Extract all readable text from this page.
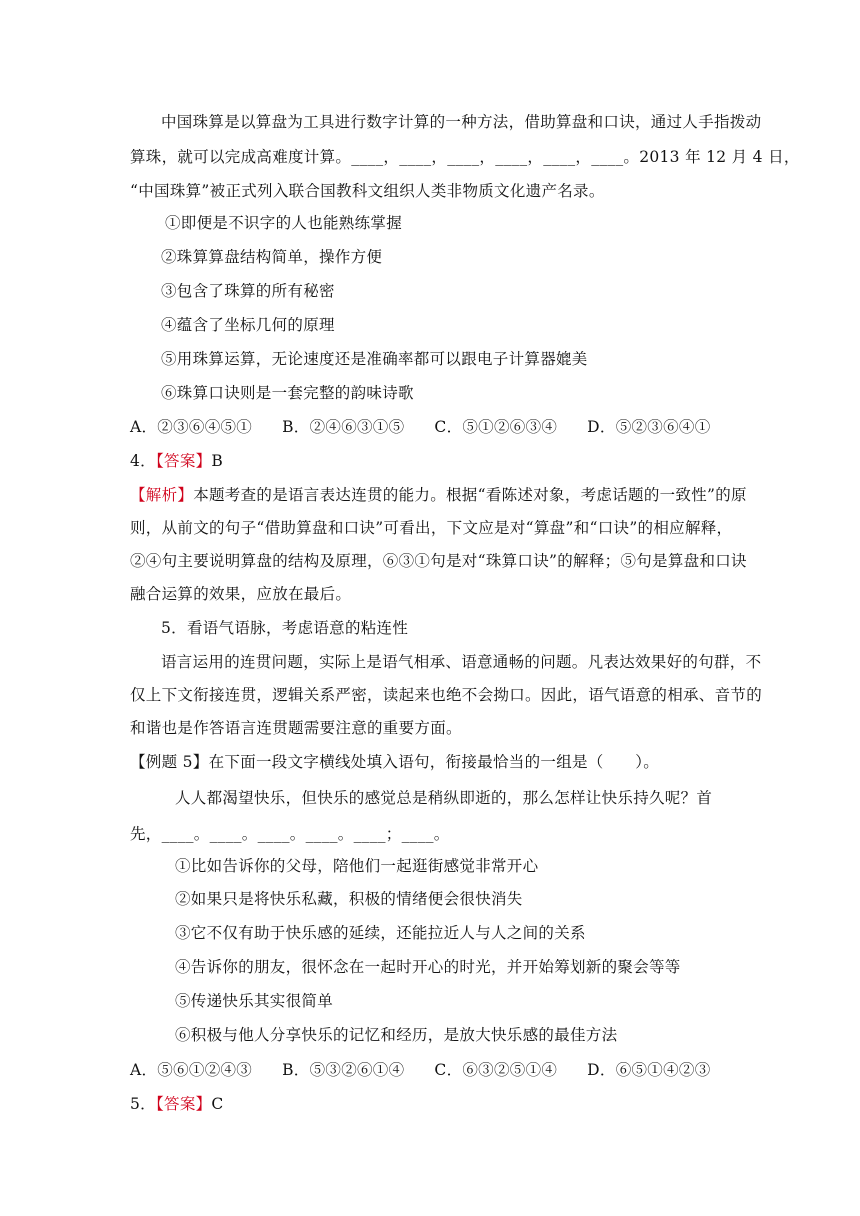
中国珠算是以算盘为工具进行数字计算的一种方法，借助算盘和口诀，通过人手指拨动
算珠，就可以完成高难度计算。____，____，____，____，____，____。2013 年 12 月 4 日，
“中国珠算”被正式列入联合国教科文组织人类非物质文化遗产名录。
①即便是不识字的人也能熟练掌握
②珠算算盘结构简单，操作方便
③包含了珠算的所有秘密
④蕴含了坐标几何的原理
⑤用珠算运算，无论速度还是准确率都可以跟电子计算器媲美
⑥珠算口诀则是一套完整的韵味诗歌
A．②③⑥④⑤① B．②④⑥③①⑤ C．⑤①②⑥③④ D．⑤②③⑥④①
4．【答案】B
【解析】本题考查的是语言表达连贯的能力。根据“看陈述对象，考虑话题的一致性”的原
则，从前文的句子“借助算盘和口诀”可看出，下文应是对“算盘”和“口诀”的相应解释，
②④句主要说明算盘的结构及原理，⑥③①句是对“珠算口诀”的解释；⑤句是算盘和口诀
融合运算的效果，应放在最后。
5．看语气语脉，考虑语意的粘连性
语言运用的连贯问题，实际上是语气相承、语意通畅的问题。凡表达效果好的句群，不
仅上下文衔接连贯，逻辑关系严密，读起来也绝不会拗口。因此，语气语意的相承、音节的
和谐也是作答语言连贯题需要注意的重要方面。
【例题 5】在下面一段文字横线处填入语句，衔接最恰当的一组是（　　）。
人人都渴望快乐，但快乐的感觉总是稍纵即逝的，那么怎样让快乐持久呢？首
先，____。____。____。____。____；____。
①比如告诉你的父母，陪他们一起逛街感觉非常开心
②如果只是将快乐私藏，积极的情绪便会很快消失
③它不仅有助于快乐感的延续，还能拉近人与人之间的关系
④告诉你的朋友，很怀念在一起时开心的时光，并开始筹划新的聚会等等
⑤传递快乐其实很简单
⑥积极与他人分享快乐的记忆和经历，是放大快乐感的最佳方法
A．⑤⑥①②④③ B．⑤③②⑥①④ C．⑥③②⑤①④ D．⑥⑤①④②③
5．【答案】C
